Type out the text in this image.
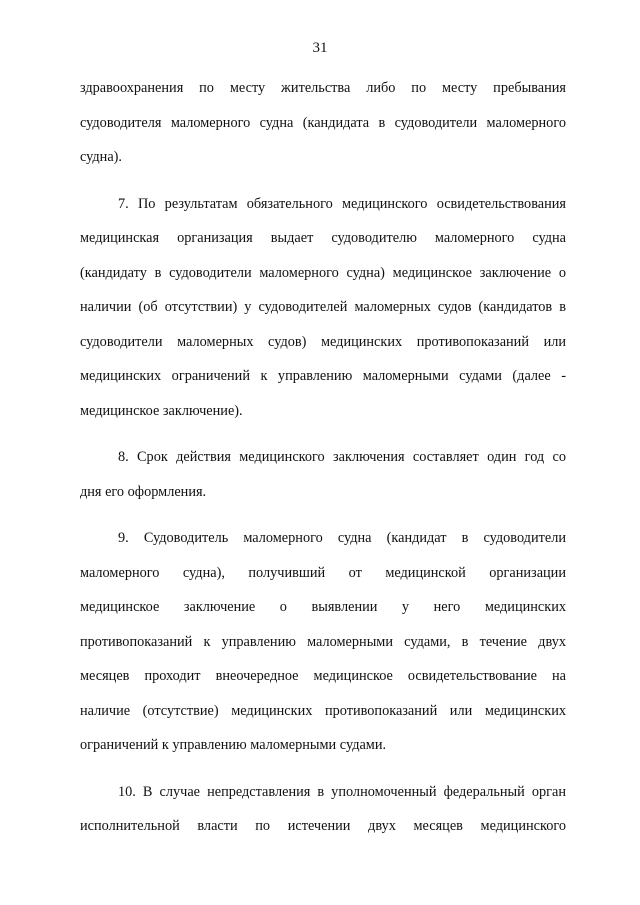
31

здравоохранения по месту жительства либо по месту пребывания
судоводителя маломерного судна (кандидата в судоводители маломерного
судна).

7. По результатам обязательного медицинского освидетельствования
медицинская организация выдает судоводителю маломерного судна
(кандидату в судоводители маломерного судна) медицинское заключение о
наличии (об отсутствии) у судоводителей маломерных судов (кандидатов в
судоводители маломерных судов) медицинских противопоказаний или
медицинских ограничений к управлению маломерными судами (далее -
медицинское заключение).

8. Срок действия медицинского заключения составляет один год со
дня его оформления.

9. Судоводитель маломерного судна (кандидат в судоводители
маломерного судна), получивший от медицинской организации
медицинское заключение о выявлении у него медицинских
противопоказаний к управлению маломерными судами, в течение двух
месяцев проходит внеочередное медицинское освидетельствование на
наличие (отсутствие) медицинских противопоказаний или медицинских
ограничений к управлению маломерными судами.

10. В случае непредставления в уполномоченный федеральный орган
исполнительной власти по истечении двух месяцев медицинского
